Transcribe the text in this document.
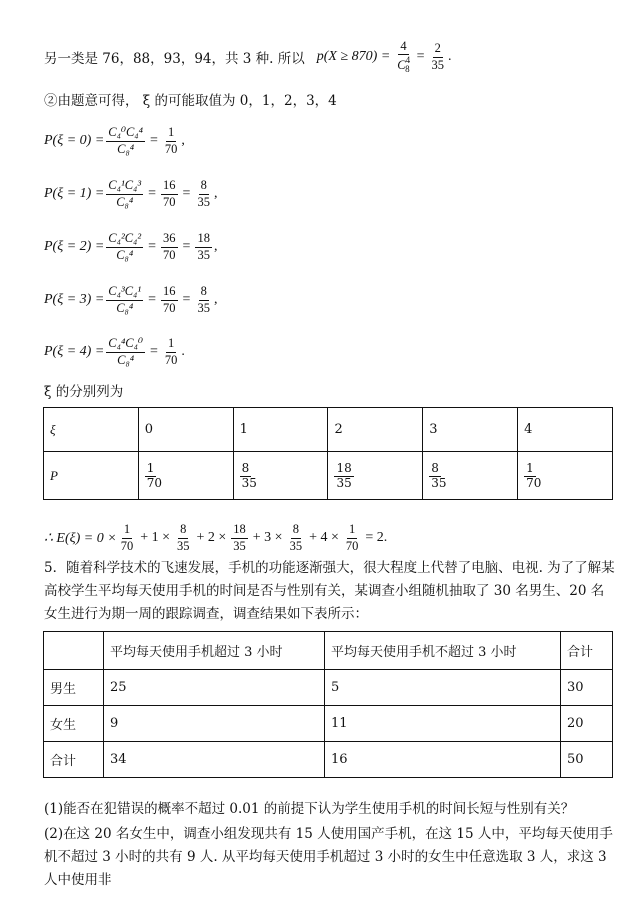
另一类是 76，88，93，94，共 3 种. 所以 $p(X \ge 870) = \frac{4}{C^4_8} = \frac{2}{35}$ .
②由题意可得， ξ 的可能取值为 0，1，2，3，4
$P(\xi = 0) = \frac{\text{C₄⁰C₄⁴}}{\text{C₈⁴}} = \frac{1}{70}$ ,
$P(\xi = 1) = \frac{\text{C₄¹C₄³}}{\text{C₈⁴}} = \frac{16}{70} = \frac{8}{35}$ ,
$P(\xi = 2) = \frac{\text{C₄²C₄²}}{\text{C₈⁴}} = \frac{36}{70} = \frac{18}{35}$ ,
$P(\xi = 3) = \frac{\text{C₄³C₄¹}}{\text{C₈⁴}} = \frac{16}{70} = \frac{8}{35}$ ,
$P(\xi = 4) = \frac{\text{C₄⁴C₄⁰}}{\text{C₈⁴}} = \frac{1}{70}$ .
ξ 的分别列为
ξ	0	1	2	3	4
P	$\frac{1}{70}$	$\frac{8}{35}$	$\frac{18}{35}$	$\frac{8}{35}$	$\frac{1}{70}$
∴ $E(\xi) = 0 \times \frac{1}{70} + 1 \times \frac{8}{35} + 2 \times \frac{18}{35} + 3 \times \frac{8}{35} + 4 \times \frac{1}{70} = 2$.
5．随着科学技术的飞速发展，手机的功能逐渐强大，很大程度上代替了电脑、电视. 为了了解某高校学生平均每天使用手机的时间是否与性别有关，某调查小组随机抽取了 30 名男生、20 名女生进行为期一周的跟踪调查，调查结果如下表所示：
	平均每天使用手机超过 3 小时	平均每天使用手机不超过 3 小时	合计
男生	25	5	30
女生	9	11	20
合计	34	16	50
(1)能否在犯错误的概率不超过 0.01 的前提下认为学生使用手机的时间长短与性别有关？
(2)在这 20 名女生中，调查小组发现共有 15 人使用国产手机，在这 15 人中，平均每天使用手机不超过 3 小时的共有 9 人. 从平均每天使用手机超过 3 小时的女生中任意选取 3 人，求这 3 人中使用非
